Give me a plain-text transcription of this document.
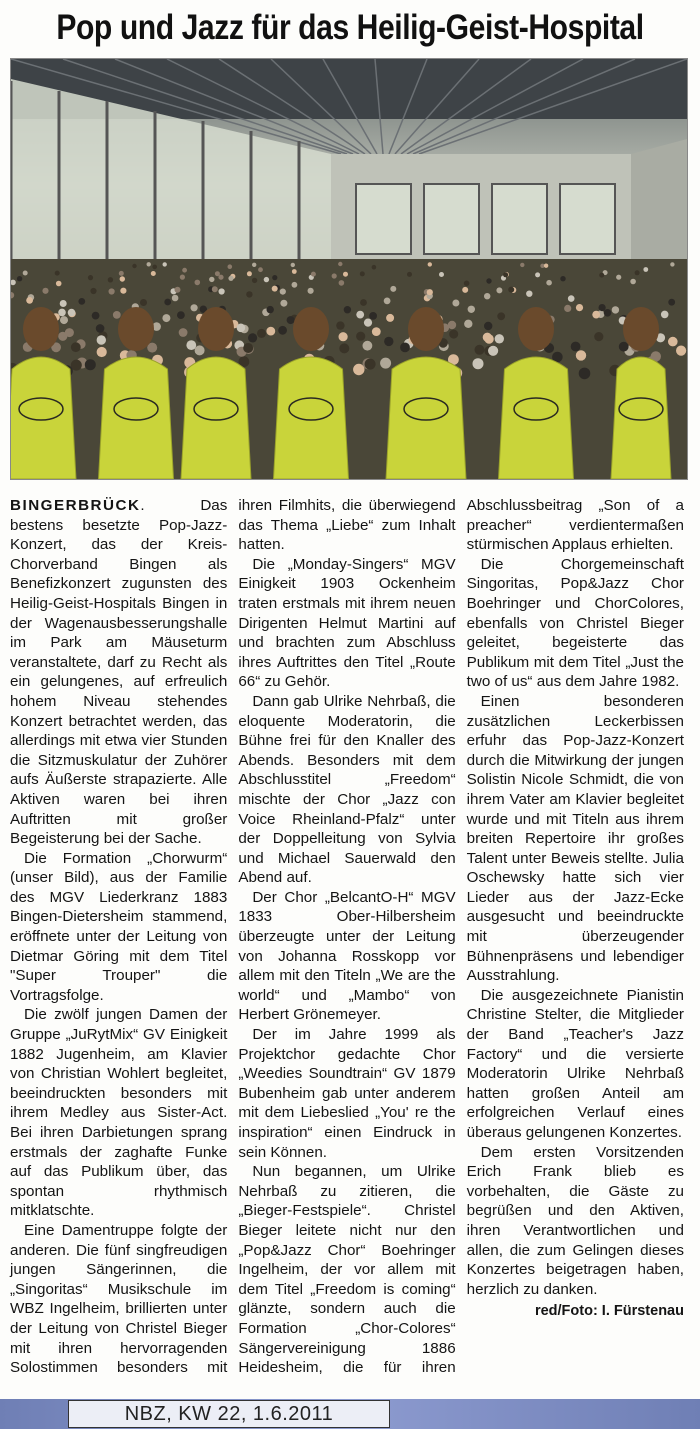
Pop und Jazz für das Heilig-Geist-Hospital

BINGERBRÜCK. Das bestens besetzte Pop-Jazz-Konzert, das der Kreis-Chorverband Bingen als Benefizkonzert zugunsten des Heilig-Geist-Hospitals Bingen in der Wagenausbesserungshalle im Park am Mäuseturm veranstaltete, darf zu Recht als ein gelungenes, auf erfreulich hohem Niveau stehendes Konzert betrachtet werden, das allerdings mit etwa vier Stunden die Sitzmuskulatur der Zuhörer aufs Äußerste strapazierte. Alle Aktiven waren bei ihren Auftritten mit großer Begeisterung bei der Sache.

Die Formation „Chorwurm“ (unser Bild), aus der Familie des MGV Liederkranz 1883 Bingen-Dietersheim stammend, eröffnete unter der Leitung von Dietmar Göring mit dem Titel "Super Trouper" die Vortragsfolge.

Die zwölf jungen Damen der Gruppe „JuRytMix“ GV Einigkeit 1882 Jugenheim, am Klavier von Christian Wohlert begleitet, beeindruckten besonders mit ihrem Medley aus Sister-Act. Bei ihren Darbietungen sprang erstmals der zaghafte Funke auf das Publikum über, das spontan rhythmisch mitklatschte.

Eine Damentruppe folgte der anderen. Die fünf singfreudigen jungen Sängerinnen, die „Singoritas“ Musikschule im WBZ Ingelheim, brillierten unter der Leitung von Christel Bieger mit ihren hervorragenden Solostimmen besonders mit ihren Filmhits, die überwiegend das Thema „Liebe“ zum Inhalt hatten.

Die „Monday-Singers“ MGV Einigkeit 1903 Ockenheim traten erstmals mit ihrem neuen Dirigenten Helmut Martini auf und brachten zum Abschluss ihres Auftrittes den Titel „Route 66“ zu Gehör.

Dann gab Ulrike Nehrbaß, die eloquente Moderatorin, die Bühne frei für den Knaller des Abends. Besonders mit dem Abschlusstitel „Freedom“ mischte der Chor „Jazz con Voice Rheinland-Pfalz“ unter der Doppelleitung von Sylvia und Michael Sauerwald den Abend auf.

Der Chor „BelcantO-H“ MGV 1833 Ober-Hilbersheim überzeugte unter der Leitung von Johanna Rosskopp vor allem mit den Titeln „We are the world“ und „Mambo“ von Herbert Grönemeyer.

Der im Jahre 1999 als Projektchor gedachte Chor „Weedies Soundtrain“ GV 1879 Bubenheim gab unter anderem mit dem Liebeslied „You' re the inspiration“ einen Eindruck in sein Können.

Nun begannen, um Ulrike Nehrbaß zu zitieren, die „Bieger-Festspiele“. Christel Bieger leitete nicht nur den „Pop&Jazz Chor“ Boehringer Ingelheim, der vor allem mit dem Titel „Freedom is coming“ glänzte, sondern auch die Formation „Chor-Colores“ Sängervereinigung 1886 Heidesheim, die für ihren Abschlussbeitrag „Son of a preacher“ verdientermaßen stürmischen Applaus erhielten.

Die Chorgemeinschaft Singoritas, Pop&Jazz Chor Boehringer und ChorColores, ebenfalls von Christel Bieger geleitet, begeisterte das Publikum mit dem Titel „Just the two of us“ aus dem Jahre 1982.

Einen besonderen zusätzlichen Leckerbissen erfuhr das Pop-Jazz-Konzert durch die Mitwirkung der jungen Solistin Nicole Schmidt, die von ihrem Vater am Klavier begleitet wurde und mit Titeln aus ihrem breiten Repertoire ihr großes Talent unter Beweis stellte. Julia Oschewsky hatte sich vier Lieder aus der Jazz-Ecke ausgesucht und beeindruckte mit überzeugender Bühnenpräsens und lebendiger Ausstrahlung.

Die ausgezeichnete Pianistin Christine Stelter, die Mitglieder der Band „Teacher's Jazz Factory“ und die versierte Moderatorin Ulrike Nehrbaß hatten großen Anteil am erfolgreichen Verlauf eines überaus gelungenen Konzertes.

Dem ersten Vorsitzenden Erich Frank blieb es vorbehalten, die Gäste zu begrüßen und den Aktiven, ihren Verantwortlichen und allen, die zum Gelingen dieses Konzertes beigetragen haben, herzlich zu danken.

red/Foto: I. Fürstenau
NBZ, KW 22, 1.6.2011
